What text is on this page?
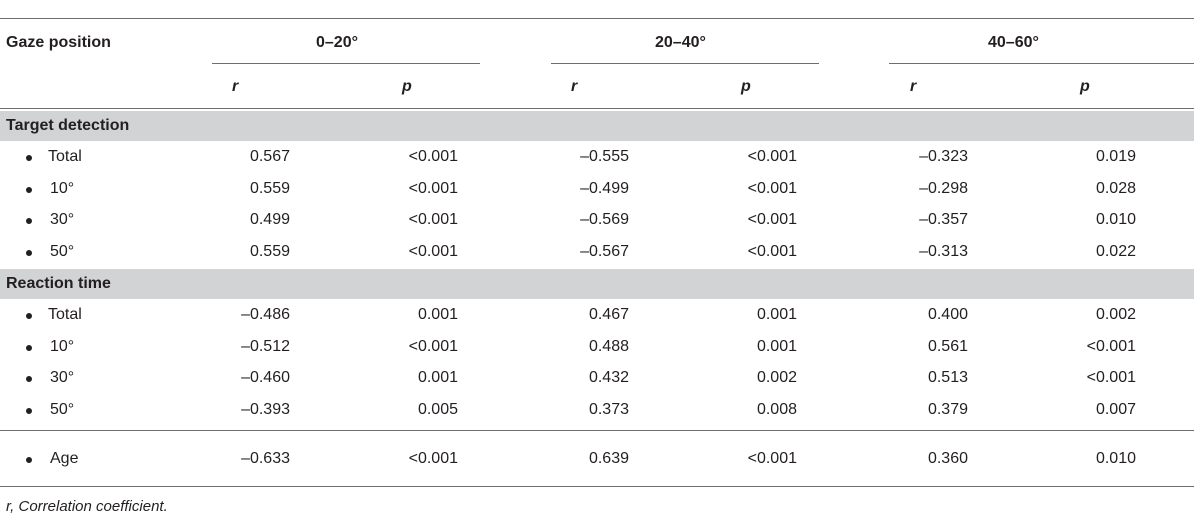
Gaze position	0–20°	20–40°	40–60°
r	p	r	p	r	p
Target detection
Total	0.567	<0.001	–0.555	<0.001	–0.323	0.019
10°	0.559	<0.001	–0.499	<0.001	–0.298	0.028
30°	0.499	<0.001	–0.569	<0.001	–0.357	0.010
50°	0.559	<0.001	–0.567	<0.001	–0.313	0.022
Reaction time
Total	–0.486	0.001	0.467	0.001	0.400	0.002
10°	–0.512	<0.001	0.488	0.001	0.561	<0.001
30°	–0.460	0.001	0.432	0.002	0.513	<0.001
50°	–0.393	0.005	0.373	0.008	0.379	0.007
Age	–0.633	<0.001	0.639	<0.001	0.360	0.010
r, Correlation coefficient.
